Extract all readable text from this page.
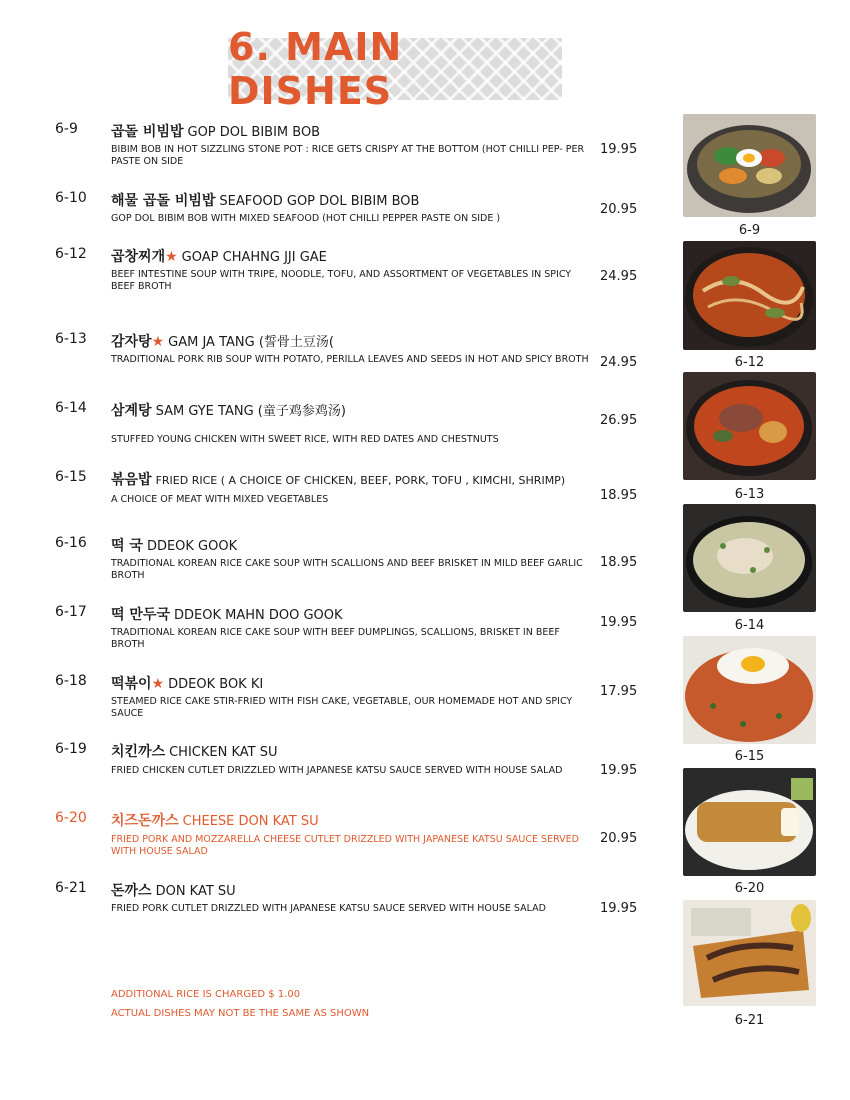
6. MAIN DISHES
6-9 곱돌 비빔밥 GOP DOL BIBIM BOB
BIBIM BOB IN HOT SIZZLING STONE POT : RICE GETS CRISPY AT THE BOTTOM (HOT CHILLI PEP- PER PASTE ON SIDE
19.95
6-10 해물 곱돌 비빔밥 SEAFOOD GOP DOL BIBIM BOB
GOP DOL BIBIM BOB WITH MIXED SEAFOOD (HOT CHILLI PEPPER PASTE ON SIDE )
20.95
6-12 곱창찌개★ GOAP CHAHNG JJI GAE
BEEF INTESTINE SOUP WITH TRIPE, NOODLE, TOFU, AND ASSORTMENT OF VEGETABLES IN SPICY BEEF BROTH
24.95
6-13 감자탕★ GAM JA TANG (誓骨土豆汤(
TRADITIONAL PORK RIB SOUP WITH POTATO, PERILLA LEAVES AND SEEDS IN HOT AND SPICY BROTH 24.95
6-14 삼계탕 SAM GYE TANG (童子鸡参鸡汤)
STUFFED YOUNG CHICKEN WITH SWEET RICE, WITH RED DATES AND CHESTNUTS
26.95
6-15 볶음밥 FRIED RICE ( A CHOICE OF CHICKEN, BEEF, PORK, TOFU , KIMCHI, SHRIMP)
A CHOICE OF MEAT WITH MIXED VEGETABLES	18.95
6-16 떡 국 DDEOK GOOK
TRADITIONAL KOREAN RICE CAKE SOUP WITH SCALLIONS AND BEEF BRISKET IN MILD BEEF GARLIC BROTH
18.95
6-17 떡 만두국 DDEOK MAHN DOO GOOK
TRADITIONAL KOREAN RICE CAKE SOUP WITH BEEF DUMPLINGS, SCALLIONS, BRISKET IN BEEF BROTH
19.95
6-18 떡볶이★ DDEOK BOK KI
STEAMED RICE CAKE STIR-FRIED WITH FISH CAKE, VEGETABLE, OUR HOMEMADE HOT AND SPICY SAUCE
17.95
6-19 치킨까스 CHICKEN KAT SU
FRIED CHICKEN CUTLET DRIZZLED WITH JAPANESE KATSU SAUCE SERVED WITH HOUSE SALAD	19.95
6-20 치즈돈까스 CHEESE DON KAT SU
FRIED PORK AND MOZZARELLA CHEESE CUTLET DRIZZLED WITH JAPANESE KATSU SAUCE SERVED WITH HOUSE SALAD
20.95
6-21 돈까스 DON KAT SU
FRIED PORK CUTLET DRIZZLED WITH JAPANESE KATSU SAUCE SERVED WITH HOUSE SALAD	19.95
ADDITIONAL RICE IS CHARGED $ 1.00
ACTUAL DISHES MAY NOT BE THE SAME AS SHOWN
6-9
6-12
6-13
6-14
6-15
6-20
6-21
